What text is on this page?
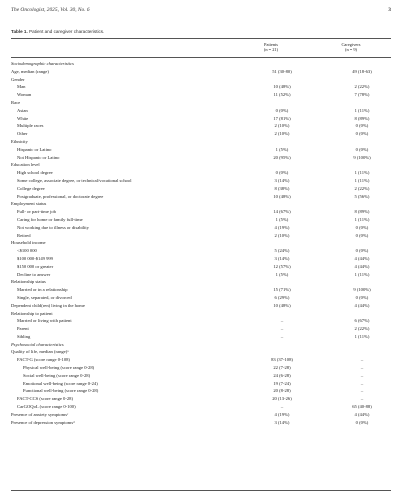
The Oncologist, 2025, Vol. 30, No. 6	3
Table 1. Patient and caregiver characteristics.
Patients
(n = 21)
Caregivers
(n = 9)
Sociodemographic characteristics
Age, median (range)	51 (30-80)	49 (18-63)
Gender
Man	10 (48%)	2 (22%)
Woman	11 (52%)	7 (78%)
Race
Asian	0 (0%)	1 (11%)
White	17 (81%)	8 (89%)
Multiple races	2 (10%)	0 (0%)
Other	2 (10%)	0 (0%)
Ethnicity
Hispanic or Latino	1 (5%)	0 (0%)
Not Hispanic or Latino	20 (95%)	9 (100%)
Education level
High school degree	0 (0%)	1 (11%)
Some college, associate degree, or technical/vocational school	3 (14%)	1 (11%)
College degree	8 (38%)	2 (22%)
Postgraduate, professional, or doctorate degree	10 (48%)	5 (56%)
Employment status
Full- or part-time job	14 (67%)	8 (89%)
Caring for home or family full-time	1 (5%)	1 (11%)
Not working due to illness or disability	4 (19%)	0 (0%)
Retired	2 (10%)	0 (0%)
Household income
<$100 000	5 (24%)	0 (0%)
$100 000-$149 999	3 (14%)	4 (44%)
$150 000 or greater	12 (57%)	4 (44%)
Decline to answer	1 (5%)	1 (11%)
Relationship status
Married or in a relationship	15 (71%)	9 (100%)
Single, separated, or divorced	6 (29%)	0 (0%)
Dependent child(ren) living in the home	10 (48%)	4 (44%)
Relationship to patient
Married or living with patient	–	6 (67%)
Parent	–	2 (22%)
Sibling	–	1 (11%)
Psychosocial characteristics
Quality of life, median (range)ᵃ
FACT-G (score range 0-108)	83 (37-108)	–
Physical well-being (score range 0-28)	22 (7-28)	–
Social well-being (score range 0-28)	24 (6-28)	–
Emotional well-being (score range 0-24)	19 (7-24)	–
Functional well-being (score range 0-28)	20 (8-28)	–
FACT-CCS (score range 0-28)	20 (13-26)	–
CarGOQoL (score range 0-100)	–	65 (40-88)
Presence of anxiety symptomsᶜ	4 (19%)	4 (44%)
Presence of depression symptomsᵈ	3 (14%)	0 (0%)
